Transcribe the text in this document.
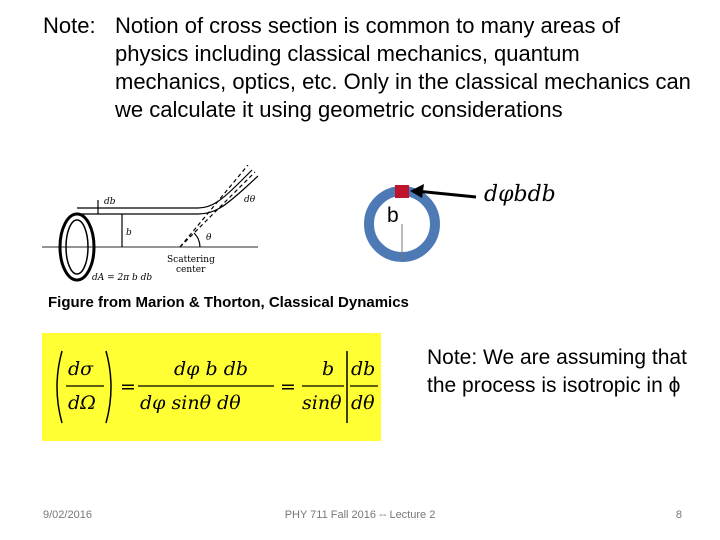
Note: Notion of cross section is common to many areas of physics including classical mechanics, quantum mechanics, optics, etc. Only in the classical mechanics can we calculate it using geometric considerations
db
b	θ
dθ
dA = 2π b db
Scattering
center
b
dφbdb
Figure from Marion & Thorton, Classical Dynamics
dσ
dΩ
=
dφ b db
dφ sinθ dθ
=
b
sinθ
db
dθ
Note: We are assuming that the process is isotropic in ϕ
9/02/2016	PHY 711 Fall 2016 -- Lecture 2	8
